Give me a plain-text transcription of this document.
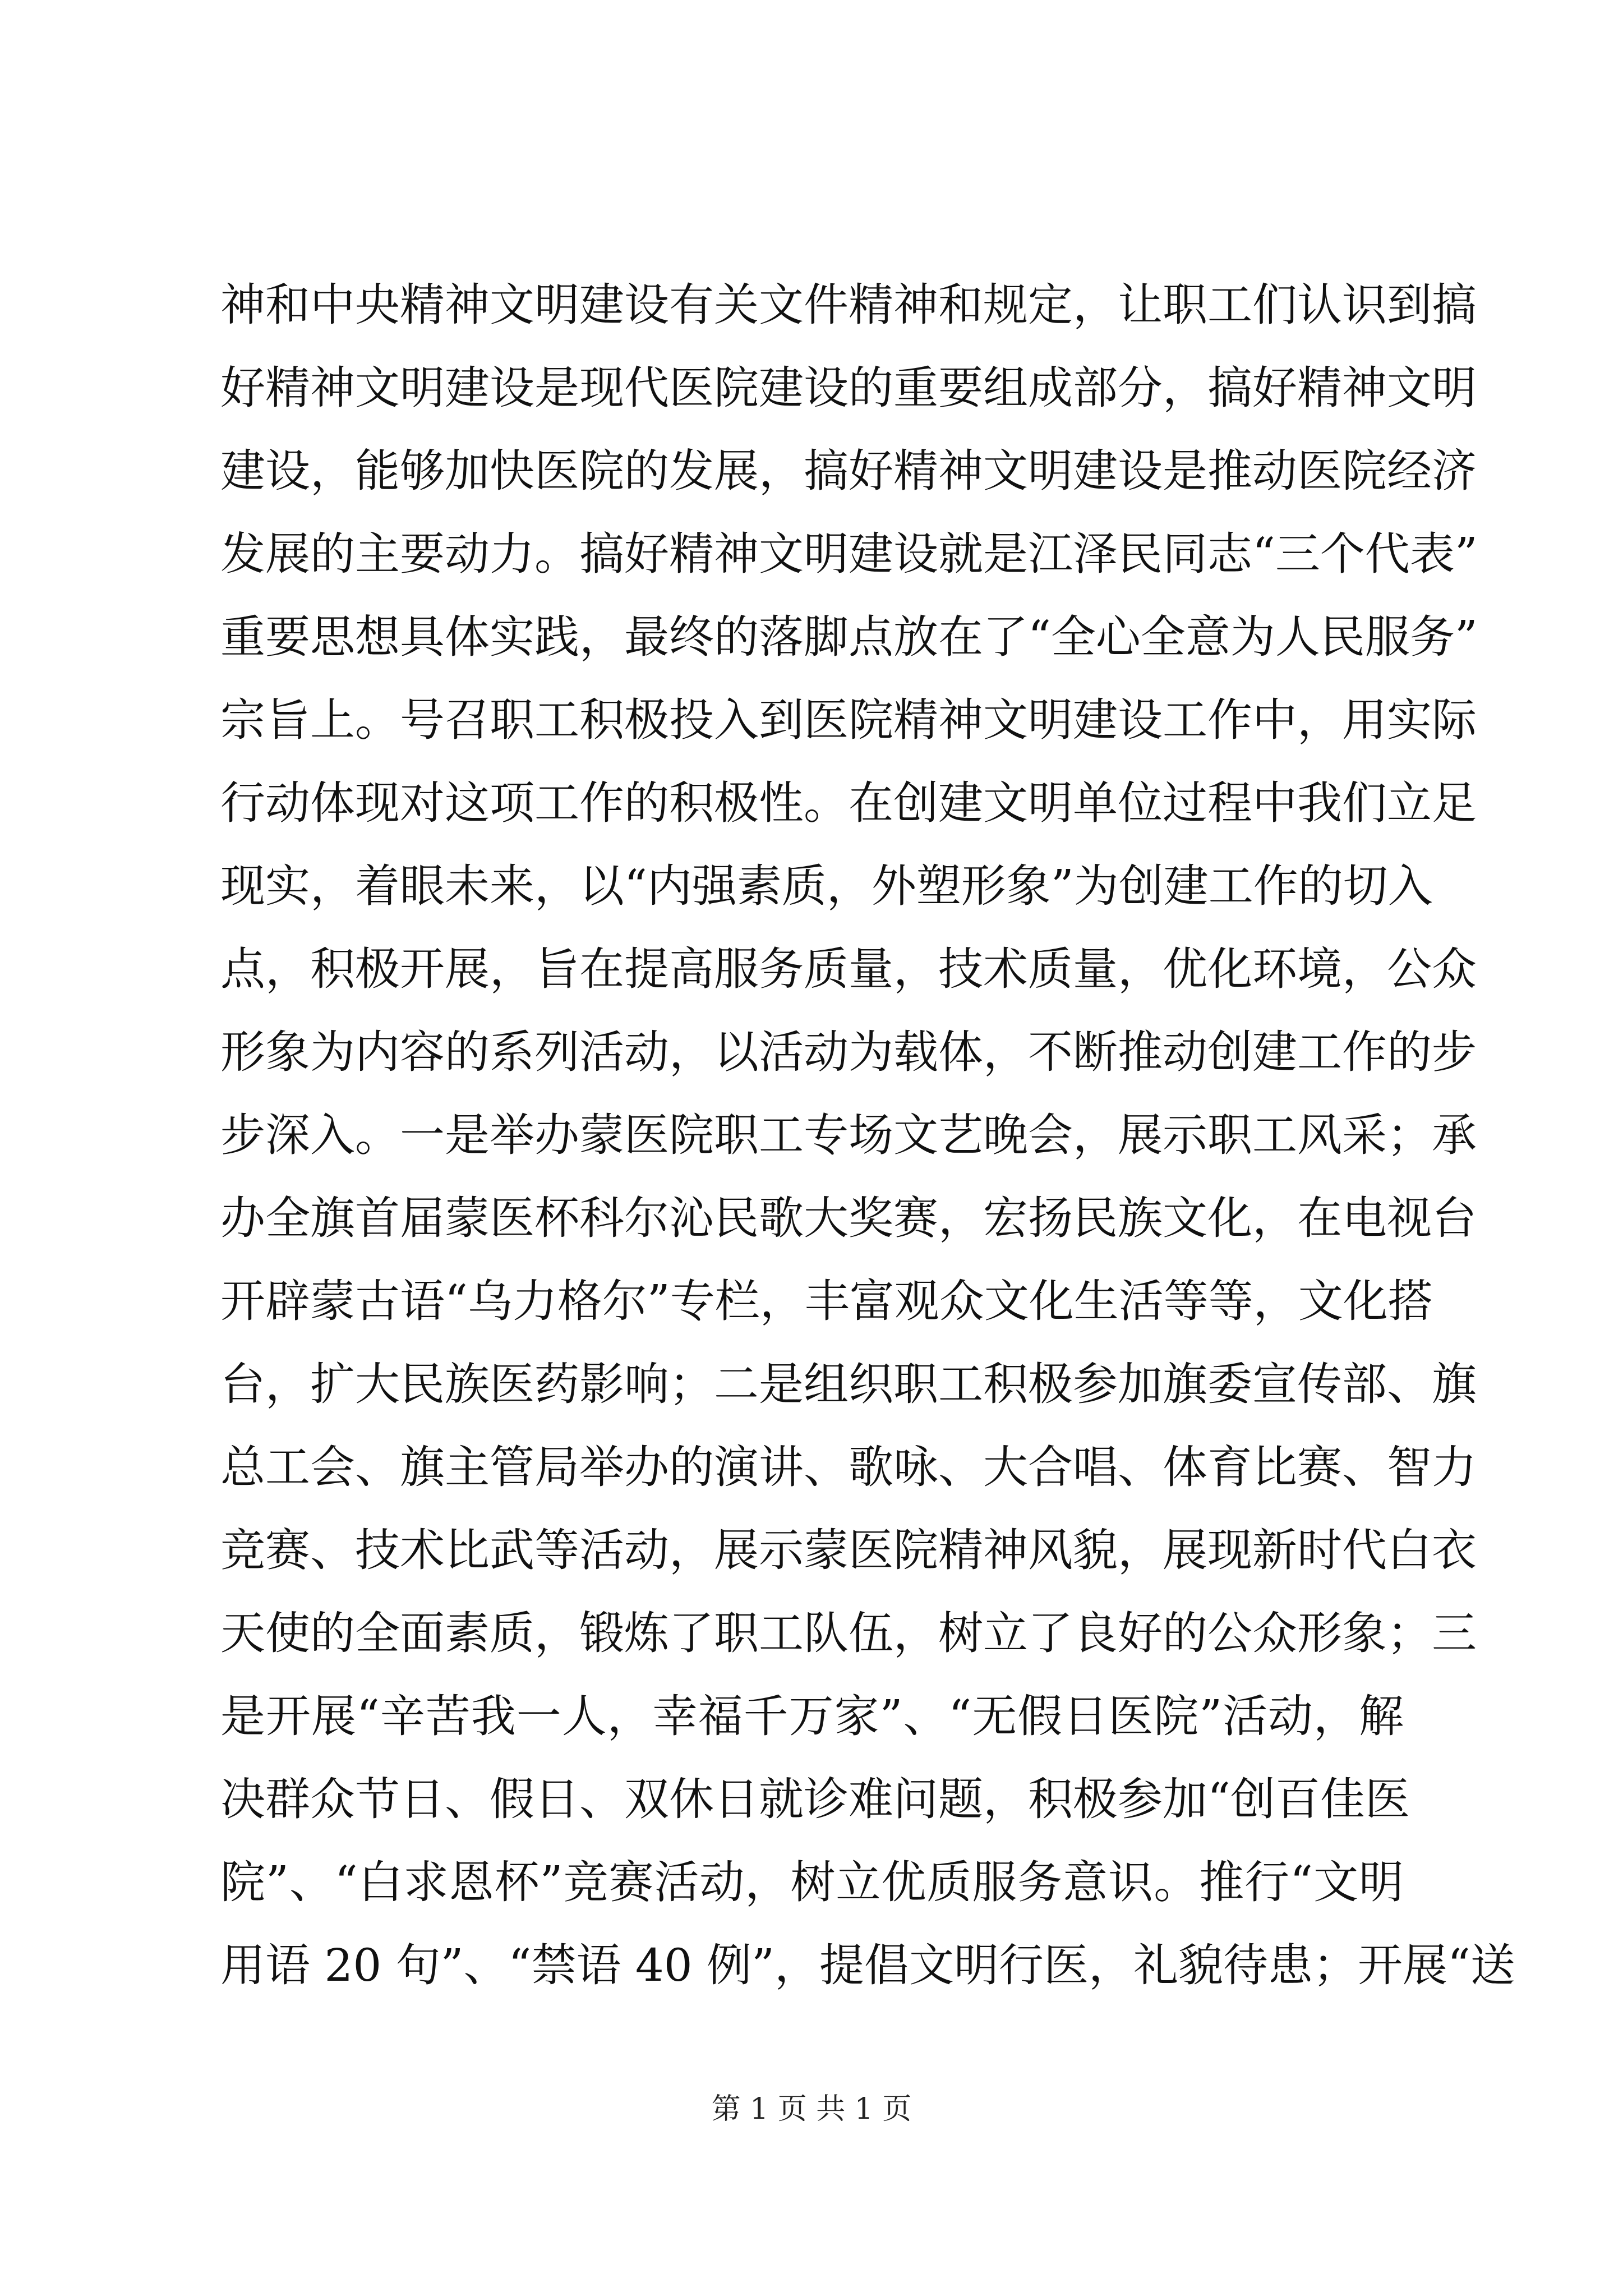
神和中央精神文明建设有关文件精神和规定，让职工们认识到搞
好精神文明建设是现代医院建设的重要组成部分，搞好精神文明
建设，能够加快医院的发展，搞好精神文明建设是推动医院经济
发展的主要动力。搞好精神文明建设就是江泽民同志“三个代表”
重要思想具体实践，最终的落脚点放在了“全心全意为人民服务”
宗旨上。号召职工积极投入到医院精神文明建设工作中，用实际
行动体现对这项工作的积极性。在创建文明单位过程中我们立足
现实，着眼未来，以“内强素质，外塑形象”为创建工作的切入
点，积极开展，旨在提高服务质量，技术质量，优化环境，公众
形象为内容的系列活动，以活动为载体，不断推动创建工作的步
步深入。一是举办蒙医院职工专场文艺晚会，展示职工风采；承
办全旗首届蒙医杯科尔沁民歌大奖赛，宏扬民族文化，在电视台
开辟蒙古语“乌力格尔”专栏，丰富观众文化生活等等，文化搭
台，扩大民族医药影响；二是组织职工积极参加旗委宣传部、旗
总工会、旗主管局举办的演讲、歌咏、大合唱、体育比赛、智力
竞赛、技术比武等活动，展示蒙医院精神风貌，展现新时代白衣
天使的全面素质，锻炼了职工队伍，树立了良好的公众形象；三
是开展“辛苦我一人，幸福千万家”、“无假日医院”活动，解
决群众节日、假日、双休日就诊难问题，积极参加“创百佳医
院”、“白求恩杯”竞赛活动，树立优质服务意识。推行“文明
用语 20 句”、“禁语 40 例”，提倡文明行医，礼貌待患；开展“送
第 1 页 共 1 页
